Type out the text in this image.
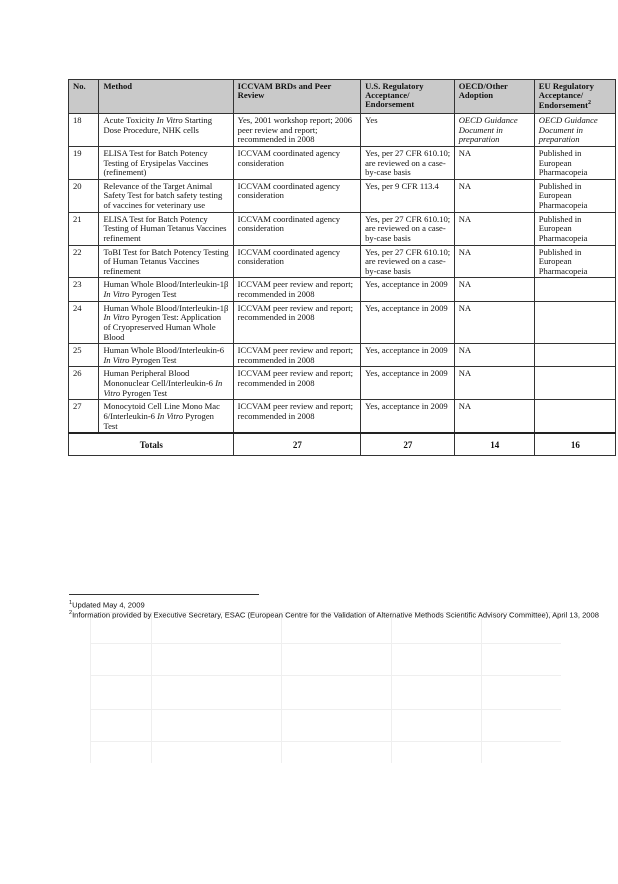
No.	Method	ICCVAM BRDs and Peer Review	U.S. Regulatory Acceptance/ Endorsement	OECD/Other Adoption	EU Regulatory Acceptance/ Endorsement$^2$
18	Acute Toxicity In Vitro Starting Dose Procedure, NHK cells	Yes, 2001 workshop report; 2006 peer review and report; recommended in 2008	Yes	OECD Guidance Document in preparation	OECD Guidance Document in preparation
19	ELISA Test for Batch Potency Testing of Erysipelas Vaccines (refinement)	ICCVAM coordinated agency consideration	Yes, per 27 CFR 610.10; are reviewed on a case-by-case basis	NA	Published in European Pharmacopeia
20	Relevance of the Target Animal Safety Test for batch safety testing of vaccines for veterinary use	ICCVAM coordinated agency consideration	Yes, per 9 CFR 113.4	NA	Published in European Pharmacopeia
21	ELISA Test for Batch Potency Testing of Human Tetanus Vaccines refinement	ICCVAM coordinated agency consideration	Yes, per 27 CFR 610.10; are reviewed on a case-by-case basis	NA	Published in European Pharmacopeia
22	ToBI Test for Batch Potency Testing of Human Tetanus Vaccines refinement	ICCVAM coordinated agency consideration	Yes, per 27 CFR 610.10; are reviewed on a case-by-case basis	NA	Published in European Pharmacopeia
23	Human Whole Blood/Interleukin-1β In Vitro Pyrogen Test	ICCVAM peer review and report; recommended in 2008	Yes, acceptance in 2009	NA	
24	Human Whole Blood/Interleukin-1β In Vitro Pyrogen Test: Application of Cryopreserved Human Whole Blood	ICCVAM peer review and report; recommended in 2008	Yes, acceptance in 2009	NA	
25	Human Whole Blood/Interleukin-6 In Vitro Pyrogen Test	ICCVAM peer review and report; recommended in 2008	Yes, acceptance in 2009	NA	
26	Human Peripheral Blood Mononuclear Cell/Interleukin-6 In Vitro Pyrogen Test	ICCVAM peer review and report; recommended in 2008	Yes, acceptance in 2009	NA	
27	Monocytoid Cell Line Mono Mac 6/Interleukin-6 In Vitro Pyrogen Test	ICCVAM peer review and report; recommended in 2008	Yes, acceptance in 2009	NA	
Totals		27	27	14	16
$^1$Updated May 4, 2009
$^2$Information provided by Executive Secretary, ESAC (European Centre for the Validation of Alternative Methods Scientific Advisory Committee), April 13, 2008
